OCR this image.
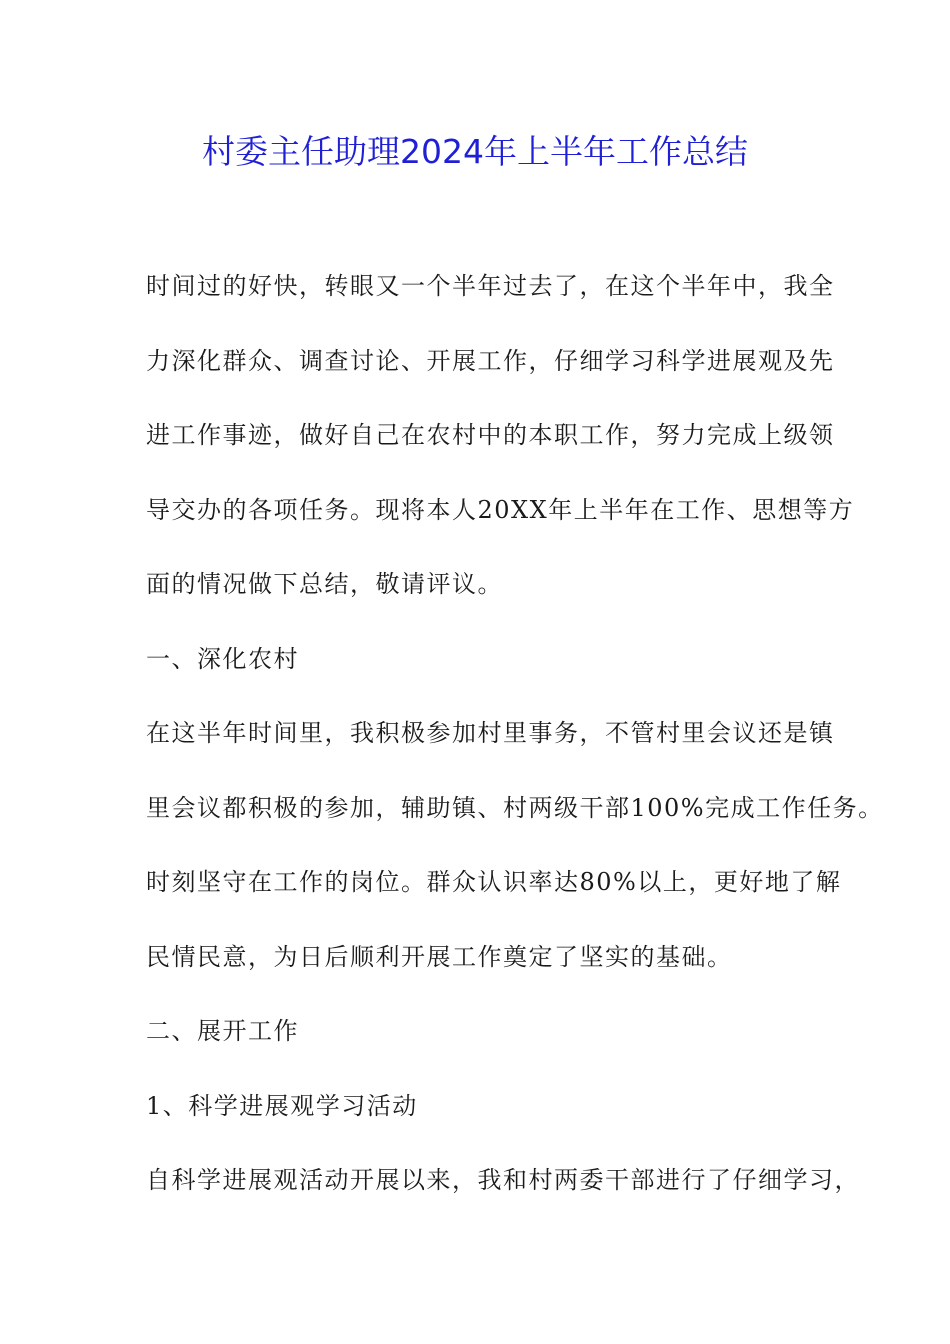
村委主任助理2024年上半年工作总结
时间过的好快，转眼又一个半年过去了，在这个半年中，我全
力深化群众、调查讨论、开展工作，仔细学习科学进展观及先
进工作事迹，做好自己在农村中的本职工作，努力完成上级领
导交办的各项任务。现将本人20XX年上半年在工作、思想等方
面的情况做下总结，敬请评议。
一、深化农村
在这半年时间里，我积极参加村里事务，不管村里会议还是镇
里会议都积极的参加，辅助镇、村两级干部100%完成工作任务。
时刻坚守在工作的岗位。群众认识率达80%以上，更好地了解
民情民意，为日后顺利开展工作奠定了坚实的基础。
二、展开工作
1、科学进展观学习活动
自科学进展观活动开展以来，我和村两委干部进行了仔细学习，
